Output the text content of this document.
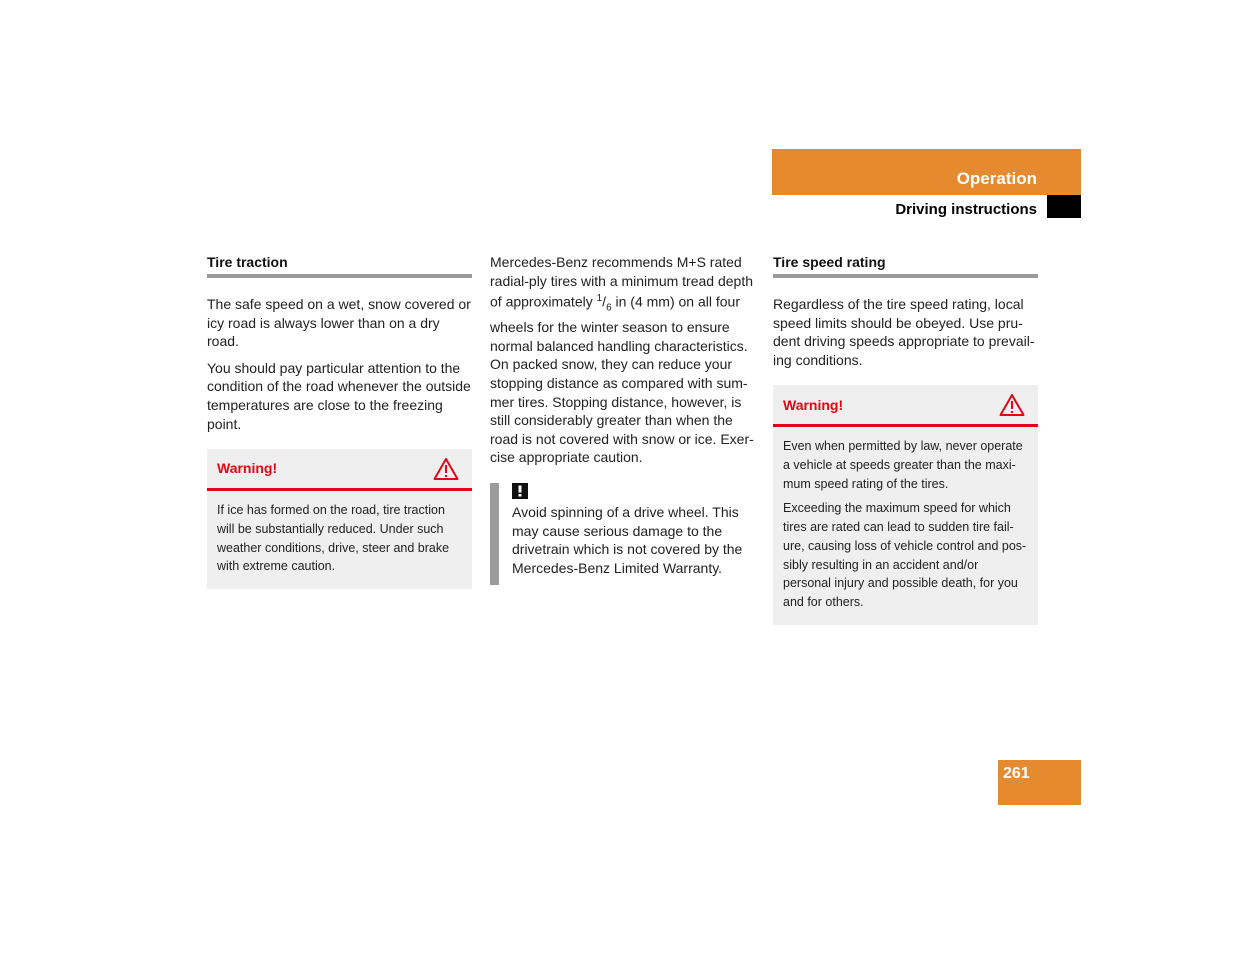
Operation
Driving instructions
Tire traction

The safe speed on a wet, snow covered or icy road is always lower than on a dry road.

You should pay particular attention to the condition of the road whenever the outside temperatures are close to the freezing point.

Warning!

If ice has formed on the road, tire traction will be substantially reduced. Under such weather conditions, drive, steer and brake with extreme caution.

Mercedes-Benz recommends M+S rated radial-ply tires with a minimum tread depth of approximately $^1/_6$ in (4 mm) on all four wheels for the winter season to ensure normal balanced handling characteristics. On packed snow, they can reduce your stopping distance as compared with sum-mer tires. Stopping distance, however, is still considerably greater than when the road is not covered with snow or ice. Exer-cise appropriate caution.

Avoid spinning of a drive wheel. This may cause serious damage to the drivetrain which is not covered by the Mercedes-Benz Limited Warranty.

Tire speed rating

Regardless of the tire speed rating, local speed limits should be obeyed. Use pru-dent driving speeds appropriate to prevail-ing conditions.

Warning!

Even when permitted by law, never operate a vehicle at speeds greater than the maxi-mum speed rating of the tires.

Exceeding the maximum speed for which tires are rated can lead to sudden tire fail-ure, causing loss of vehicle control and pos-sibly resulting in an accident and/or personal injury and possible death, for you and for others.

261
